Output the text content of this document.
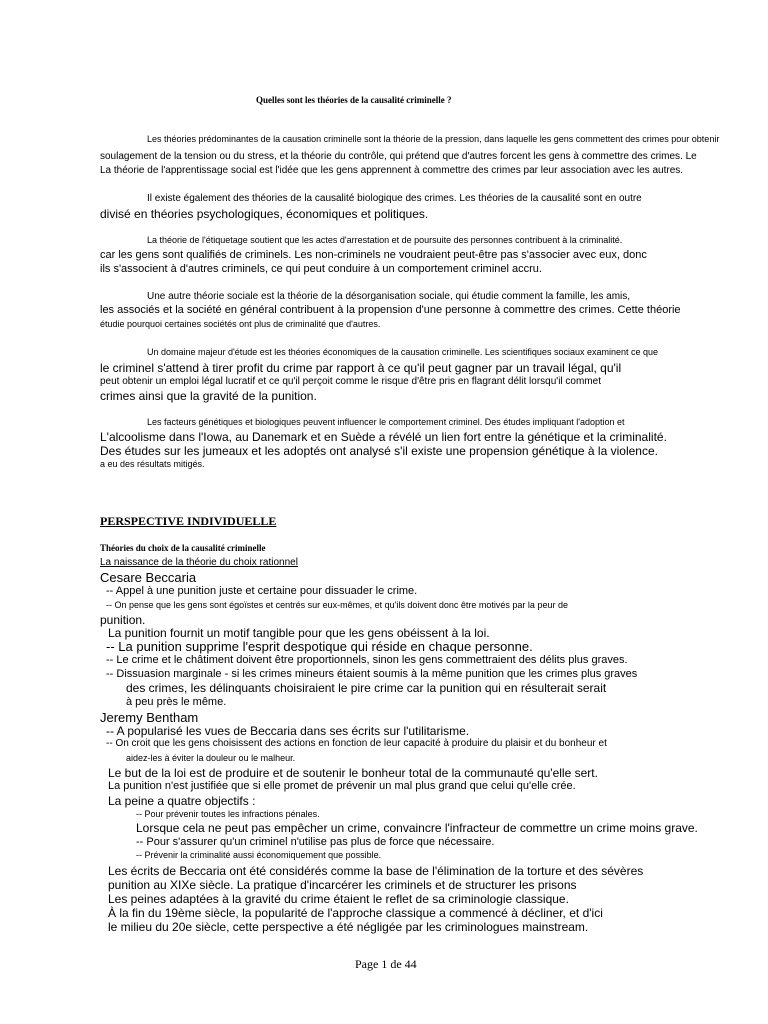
Quelles sont les théories de la causalité criminelle ?
Les théories prédominantes de la causation criminelle sont la théorie de la pression, dans laquelle les gens commettent des crimes pour obtenir
soulagement de la tension ou du stress, et la théorie du contrôle, qui prétend que d'autres forcent les gens à commettre des crimes. Le
La théorie de l'apprentissage social est l'idée que les gens apprennent à commettre des crimes par leur association avec les autres.
Il existe également des théories de la causalité biologique des crimes. Les théories de la causalité sont en outre
divisé en théories psychologiques, économiques et politiques.
La théorie de l'étiquetage soutient que les actes d'arrestation et de poursuite des personnes contribuent à la criminalité.
car les gens sont qualifiés de criminels. Les non-criminels ne voudraient peut-être pas s'associer avec eux, donc
ils s'associent à d'autres criminels, ce qui peut conduire à un comportement criminel accru.
Une autre théorie sociale est la théorie de la désorganisation sociale, qui étudie comment la famille, les amis,
les associés et la société en général contribuent à la propension d'une personne à commettre des crimes. Cette théorie
étudie pourquoi certaines sociétés ont plus de criminalité que d'autres.
Un domaine majeur d'étude est les théories économiques de la causation criminelle. Les scientifiques sociaux examinent ce que
le criminel s'attend à tirer profit du crime par rapport à ce qu'il peut gagner par un travail légal, qu'il
peut obtenir un emploi légal lucratif et ce qu'il perçoit comme le risque d'être pris en flagrant délit lorsqu'il commet
crimes ainsi que la gravité de la punition.
Les facteurs génétiques et biologiques peuvent influencer le comportement criminel. Des études impliquant l'adoption et
L'alcoolisme dans l'Iowa, au Danemark et en Suède a révélé un lien fort entre la génétique et la criminalité.
Des études sur les jumeaux et les adoptés ont analysé s'il existe une propension génétique à la violence.
a eu des résultats mitigés.
PERSPECTIVE INDIVIDUELLE
Théories du choix de la causalité criminelle
La naissance de la théorie du choix rationnel
Cesare Beccaria
-- Appel à une punition juste et certaine pour dissuader le crime.
-- On pense que les gens sont égoïstes et centrés sur eux-mêmes, et qu'ils doivent donc être motivés par la peur de
punition.
La punition fournit un motif tangible pour que les gens obéissent à la loi.
-- La punition supprime l'esprit despotique qui réside en chaque personne.
-- Le crime et le châtiment doivent être proportionnels, sinon les gens commettraient des délits plus graves.
-- Dissuasion marginale - si les crimes mineurs étaient soumis à la même punition que les crimes plus graves
des crimes, les délinquants choisiraient le pire crime car la punition qui en résulterait serait
à peu près le même.
Jeremy Bentham
-- A popularisé les vues de Beccaria dans ses écrits sur l'utilitarisme.
-- On croit que les gens choisissent des actions en fonction de leur capacité à produire du plaisir et du bonheur et
aidez-les à éviter la douleur ou le malheur.
Le but de la loi est de produire et de soutenir le bonheur total de la communauté qu'elle sert.
La punition n'est justifiée que si elle promet de prévenir un mal plus grand que celui qu'elle crée.
La peine a quatre objectifs :
-- Pour prévenir toutes les infractions pénales.
Lorsque cela ne peut pas empêcher un crime, convaincre l'infracteur de commettre un crime moins grave.
-- Pour s'assurer qu'un criminel n'utilise pas plus de force que nécessaire.
-- Prévenir la criminalité aussi économiquement que possible.
Les écrits de Beccaria ont été considérés comme la base de l'élimination de la torture et des sévères
punition au XIXe siècle. La pratique d'incarcérer les criminels et de structurer les prisons
Les peines adaptées à la gravité du crime étaient le reflet de sa criminologie classique.
À la fin du 19ème siècle, la popularité de l'approche classique a commencé à décliner, et d'ici
le milieu du 20e siècle, cette perspective a été négligée par les criminologues mainstream.
Page 1 de 44
